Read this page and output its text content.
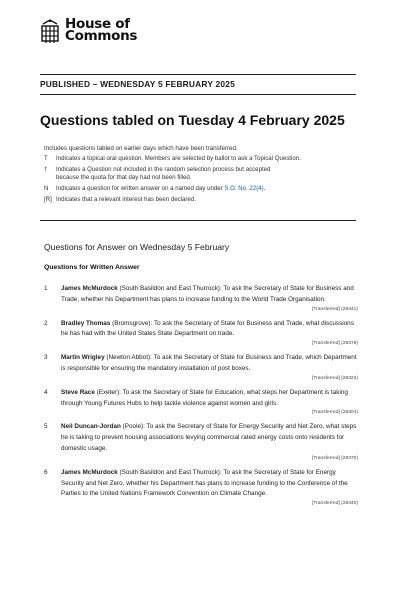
House of
Commons
PUBLISHED – WEDNESDAY 5 FEBRUARY 2025
Questions tabled on Tuesday 4 February 2025
Includes questions tabled on earlier days which have been transferred.
T	Indicates a topical oral question. Members are selected by ballot to ask a Topical Question.
†	Indicates a Question not included in the random selection process but accepted because the quota for that day had not been filled.
N	Indicates a question for written answer on a named day under S.O. No. 22(4).
[R] Indicates that a relevant interest has been declared.
Questions for Answer on Wednesday 5 February
Questions for Written Answer
1	James McMurdock (South Basildon and East Thurrock): To ask the Secretary of State for Business and Trade, whether his Department has plans to increase funding to the World Trade Organisation.
[Transferred] (28441)
2	Bradley Thomas (Bromsgrove): To ask the Secretary of State for Business and Trade, what discussions he has had with the United States State Department on trade.
[Transferred] (28379)
3	Martin Wrigley (Newton Abbot): To ask the Secretary of State for Business and Trade, which Department is responsible for ensuring the mandatory installation of post boxes.
[Transferred] (28323)
4	Steve Race (Exeter): To ask the Secretary of State for Education, what steps her Department is taking through Young Futures Hubs to help tackle violence against women and girls.
[Transferred] (28304)
5	Neil Duncan-Jordan (Poole): To ask the Secretary of State for Energy Security and Net Zero, what steps he is taking to prevent housing associations levying commercial rated energy costs onto residents for domestic usage.
[Transferred] (28370)
6	James McMurdock (South Basildon and East Thurrock): To ask the Secretary of State for Energy Security and Net Zero, whether his Department has plans to increase funding to the Conference of the Parties to the United Nations Framework Convention on Climate Change.
[Transferred] (28440)
